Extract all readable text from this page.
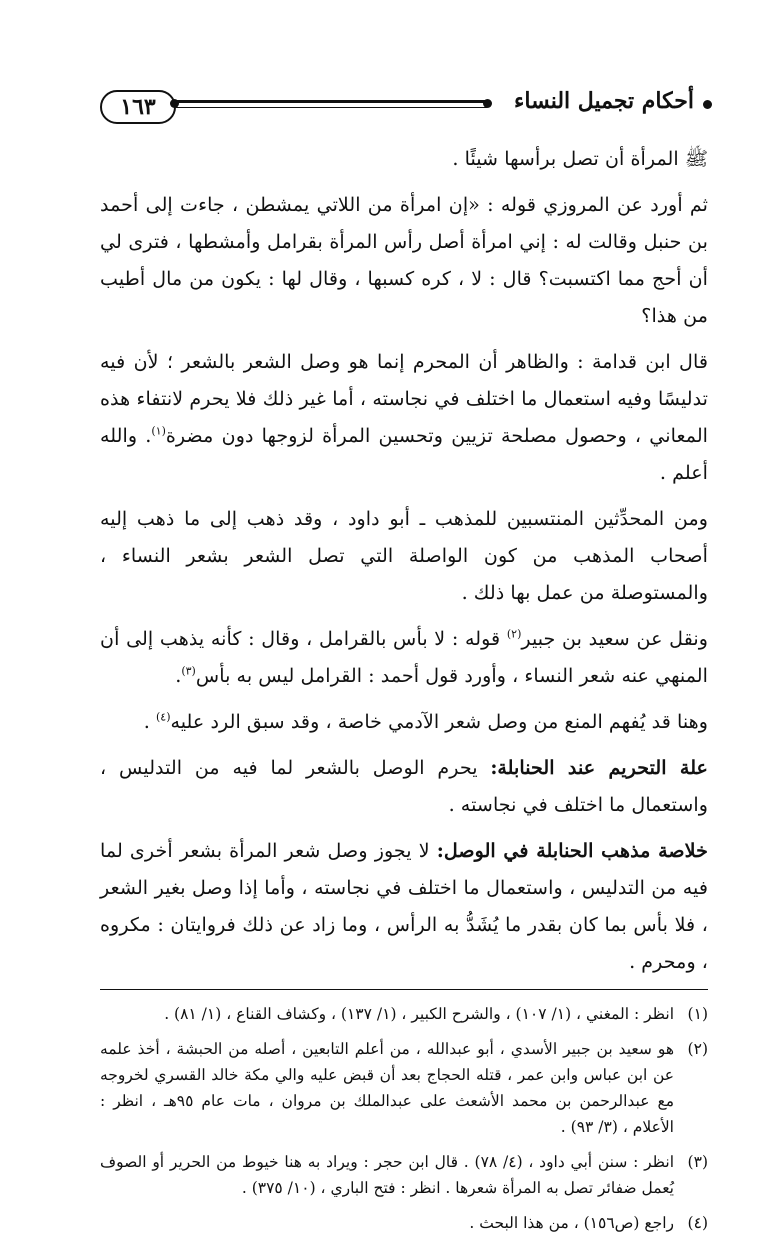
١٦٣	أحكام تجميل النساء

ﷺ المرأة أن تصل برأسها شيئًا .

ثم أورد عن المروزي قوله : «إن امرأة من اللاتي يمشطن ، جاءت إلى أحمد بن حنبل وقالت له : إني امرأة أصل رأس المرأة بقرامل وأمشطها ، فترى لي أن أحج مما اكتسبت؟ قال : لا ، كره كسبها ، وقال لها : يكون من مال أطيب من هذا؟

قال ابن قدامة : والظاهر أن المحرم إنما هو وصل الشعر بالشعر ؛ لأن فيه تدليسًا وفيه استعمال ما اختلف في نجاسته ، أما غير ذلك فلا يحرم لانتفاء هذه المعاني ، وحصول مصلحة تزيين وتحسين المرأة لزوجها دون مضرة$^{(١)}$. والله أعلم .

ومن المحدِّثين المنتسبين للمذهب ـ أبو داود ، وقد ذهب إلى ما ذهب إليه أصحاب المذهب من كون الواصلة التي تصل الشعر بشعر النساء ، والمستوصلة من عمل بها ذلك .

ونقل عن سعيد بن جبير$^{(٢)}$ قوله : لا بأس بالقرامل ، وقال : كأنه يذهب إلى أن المنهي عنه شعر النساء ، وأورد قول أحمد : القرامل ليس به بأس$^{(٣)}$.

وهنا قد يُفهم المنع من وصل شعر الآدمي خاصة ، وقد سبق الرد عليه$^{(٤)}$ .

علة التحريم عند الحنابلة: يحرم الوصل بالشعر لما فيه من التدليس ، واستعمال ما اختلف في نجاسته .

خلاصة مذهب الحنابلة في الوصل: لا يجوز وصل شعر المرأة بشعر أخرى لما فيه من التدليس ، واستعمال ما اختلف في نجاسته ، وأما إذا وصل بغير الشعر ، فلا بأس بما كان بقدر ما يُشَدُّ به الرأس ، وما زاد عن ذلك فروايتان : مكروه ، ومحرم .

(١)
انظر : المغني ، (١/ ١٠٧) ، والشرح الكبير ، (١/ ١٣٧) ، وكشاف القناع ، (١/ ٨١) .
(٢)
هو سعيد بن جبير الأسدي ، أبو عبدالله ، من أعلم التابعين ، أصله من الحبشة ، أخذ علمه عن ابن عباس وابن عمر ، قتله الحجاج بعد أن قبض عليه والي مكة خالد القسري لخروجه مع عبدالرحمن بن محمد الأشعث على عبدالملك بن مروان ، مات عام ٩٥هـ ، انظر : الأعلام ، (٣/ ٩٣) .
(٣)
انظر : سنن أبي داود ، (٤/ ٧٨) . قال ابن حجر : ويراد به هنا خيوط من الحرير أو الصوف يُعمل ضفائر تصل به المرأة شعرها . انظر : فتح الباري ، (١٠/ ٣٧٥) .
(٤)
راجع (ص١٥٦) ، من هذا البحث .
